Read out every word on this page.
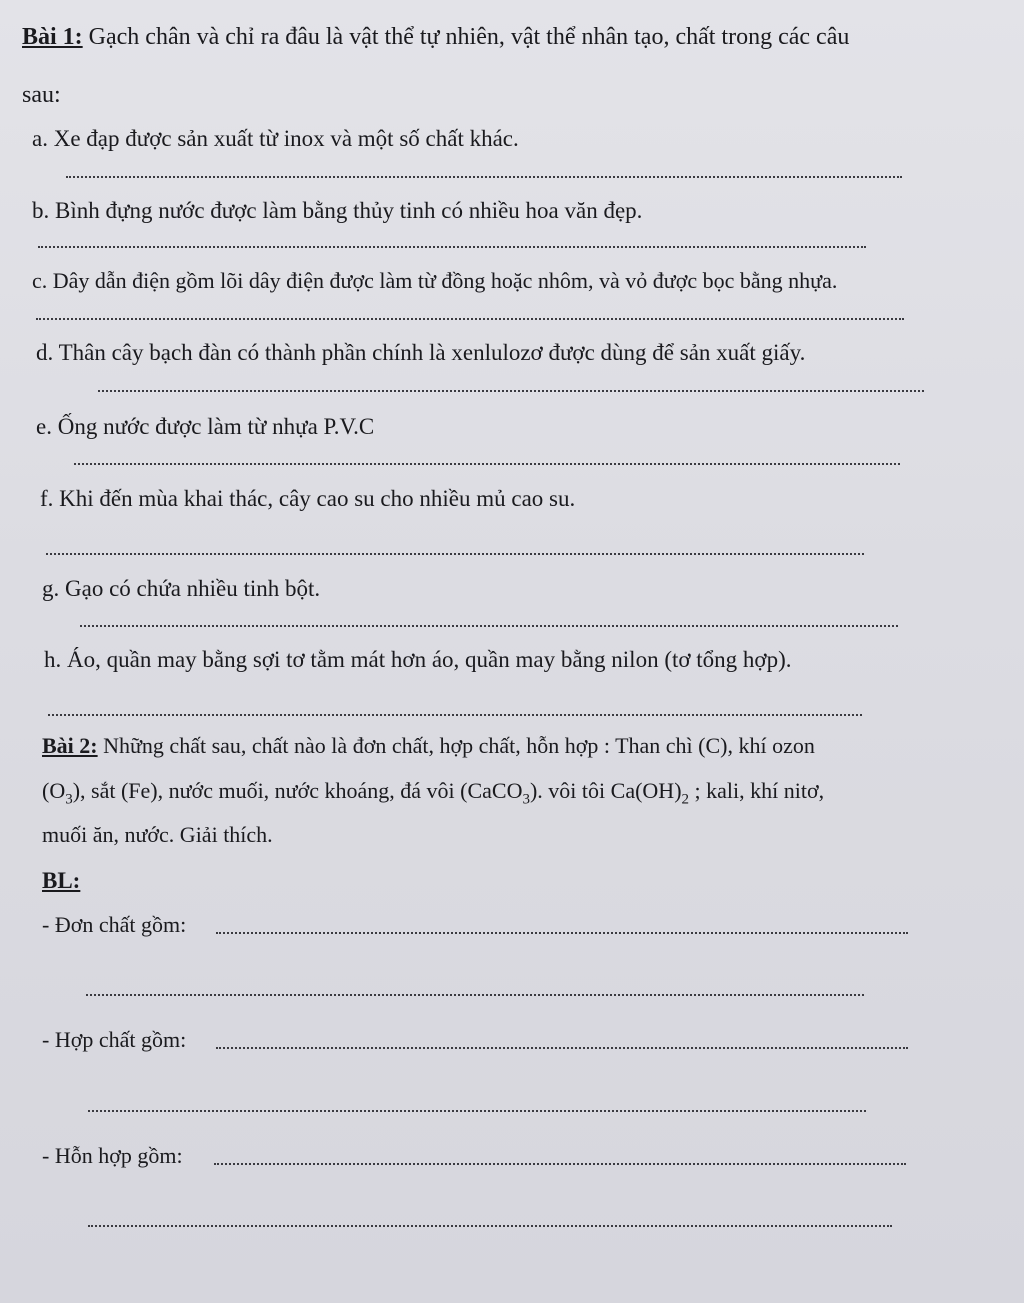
Bài 1: Gạch chân và chỉ ra đâu là vật thể tự nhiên, vật thể nhân tạo, chất trong các câu
sau:
a. Xe đạp được sản xuất từ inox và một số chất khác.
b. Bình đựng nước được làm bằng thủy tinh có nhiều hoa văn đẹp.
c. Dây dẫn điện gồm lõi dây điện được làm từ đồng hoặc nhôm, và vỏ được bọc bằng nhựa.
d. Thân cây bạch đàn có thành phần chính là xenlulozơ được dùng để sản xuất giấy.
e. Ống nước được làm từ nhựa P.V.C
f. Khi đến mùa khai thác, cây cao su cho nhiều mủ cao su.
g. Gạo có chứa nhiều tinh bột.
h. Áo, quần may bằng sợi tơ tằm mát hơn áo, quần may bằng nilon (tơ tổng hợp).
Bài 2: Những chất sau, chất nào là đơn chất, hợp chất, hỗn hợp : Than chì (C), khí ozon
$(O_3)$, sắt (Fe), nước muối, nước khoáng, đá vôi (CaCO$_3$). vôi tôi $Ca(OH)_2$ ; kali, khí nitơ,
muối ăn, nước. Giải thích.
BL:
- Đơn chất gồm:
- Hợp chất gồm:
- Hỗn hợp gồm:
